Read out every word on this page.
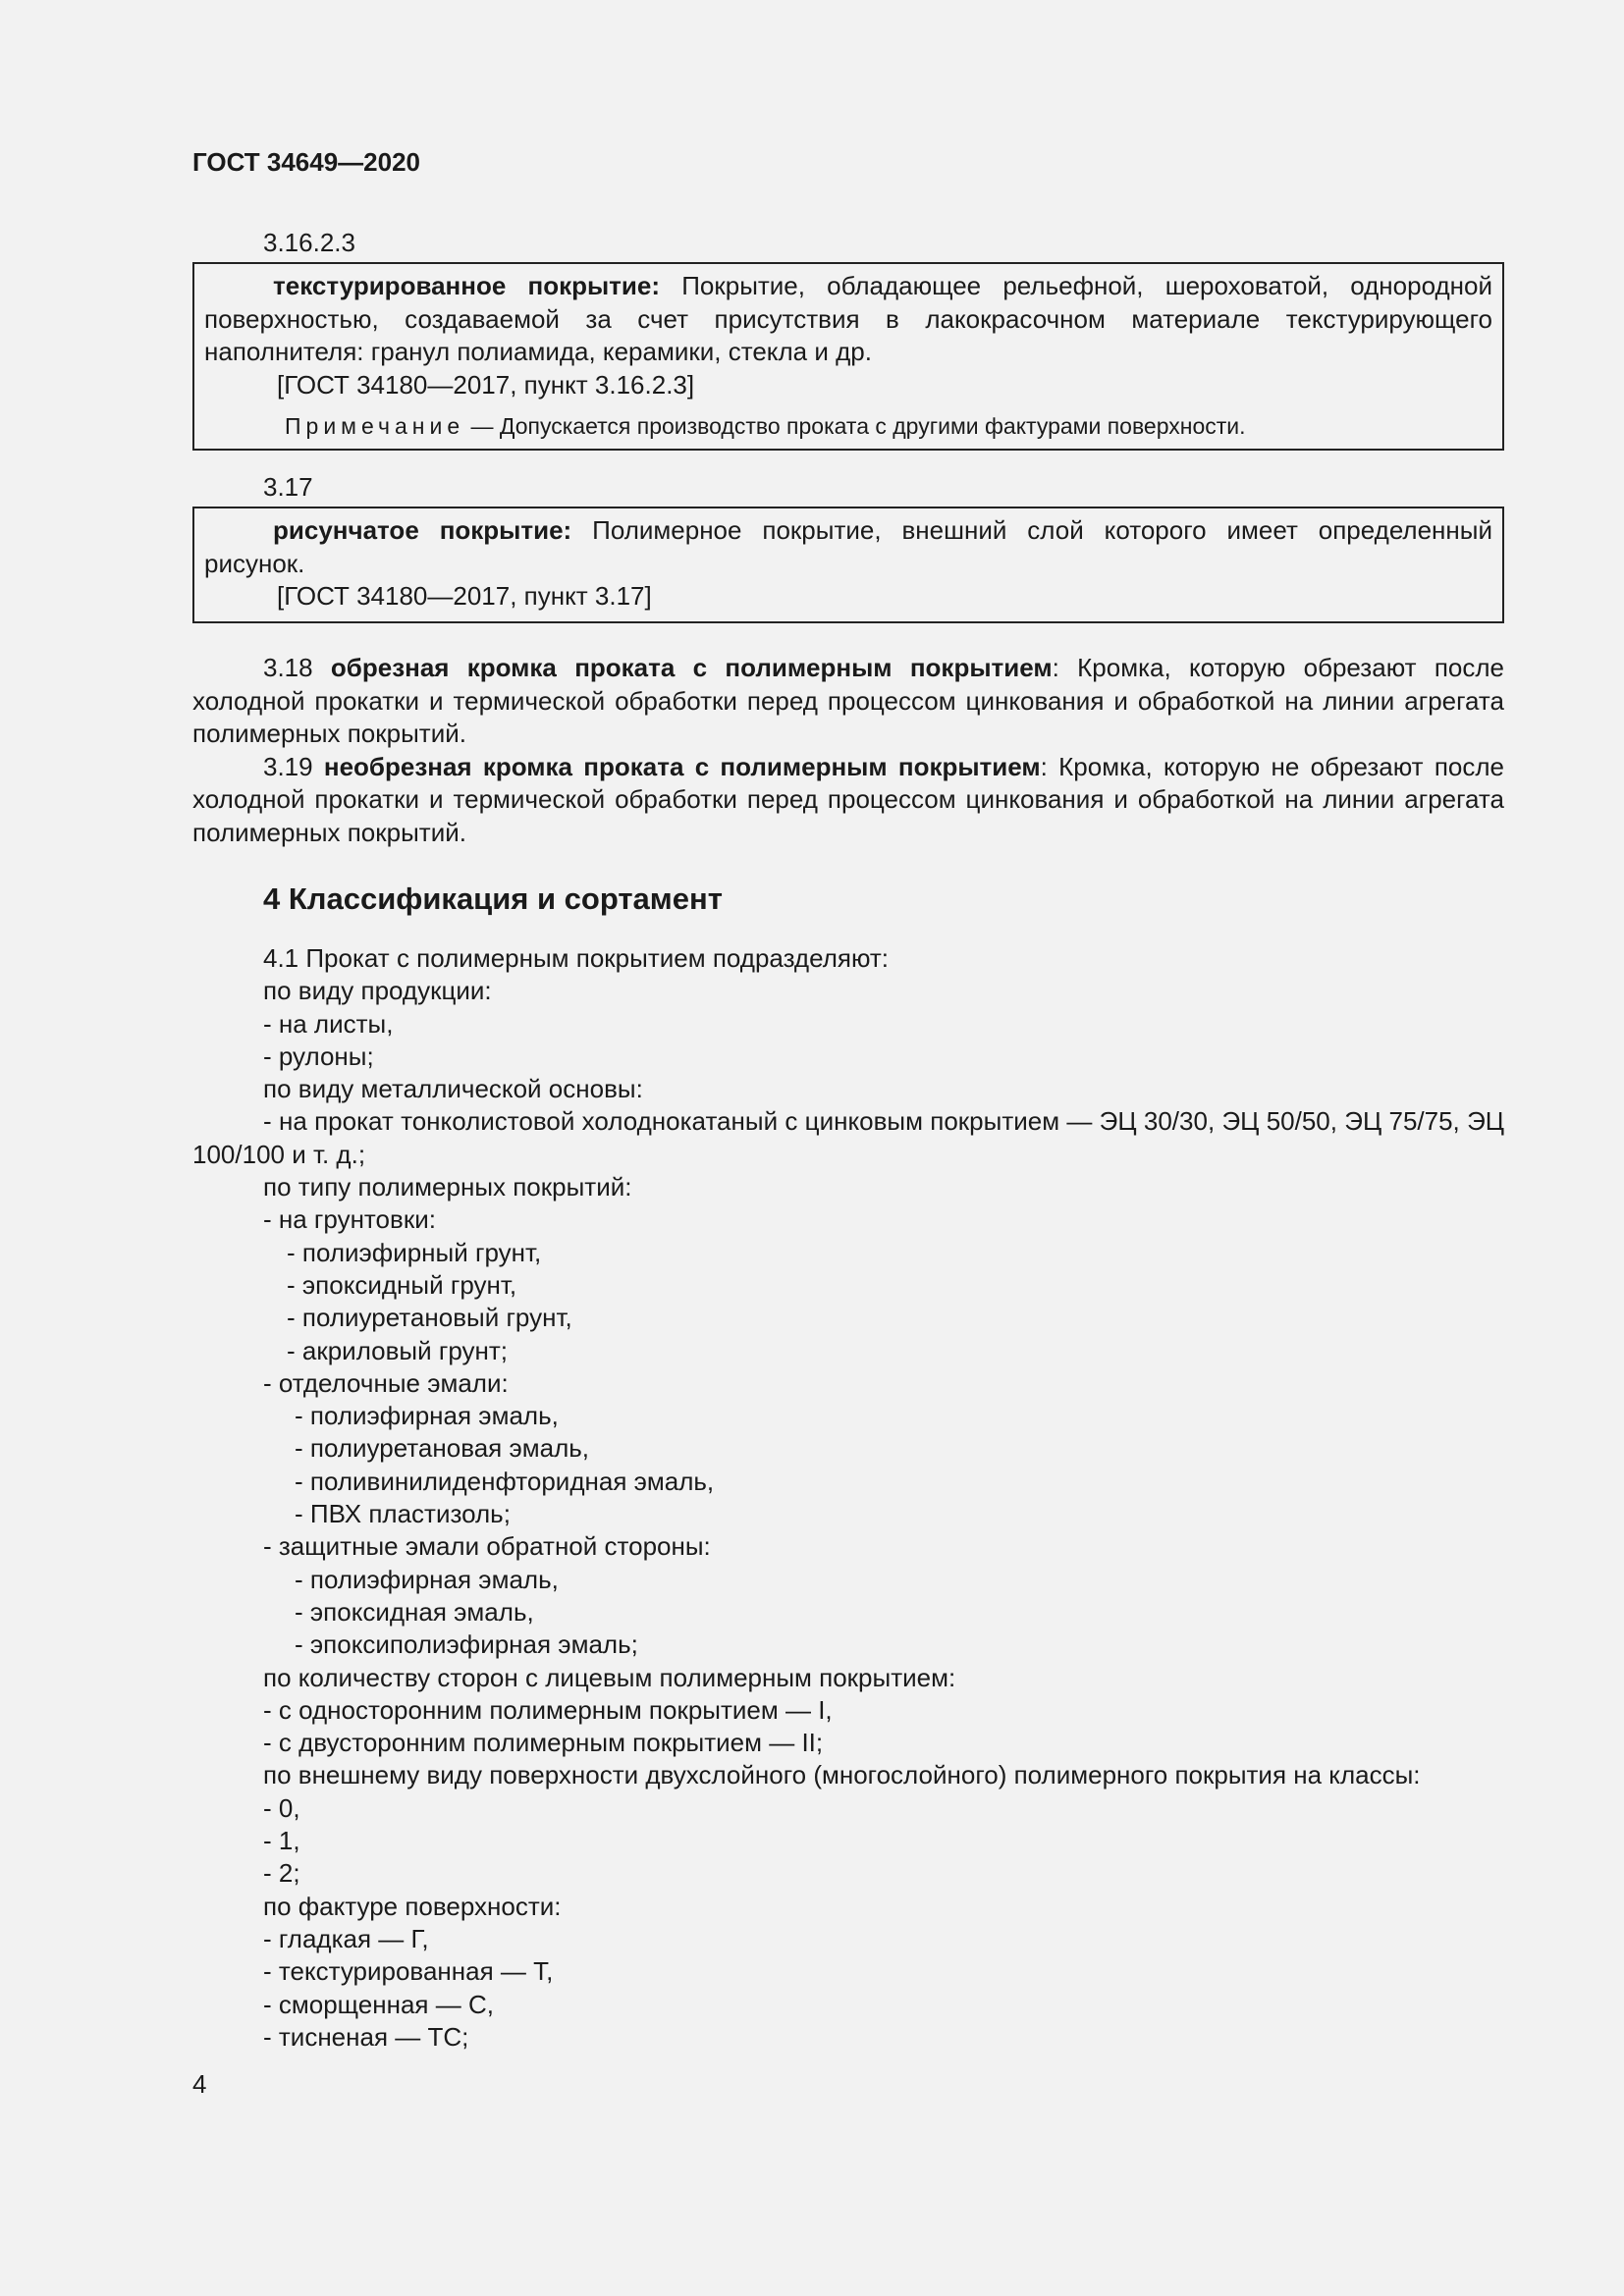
ГОСТ 34649—2020
3.16.2.3

текстурированное покрытие: Покрытие, обладающее рельефной, шероховатой, однородной поверхностью, создаваемой за счет присутствия в лакокрасочном материале текстурирующего наполнителя: гранул полиамида, керамики, стекла и др.

[ГОСТ 34180—2017, пункт 3.16.2.3]

Примечание — Допускается производство проката с другими фактурами поверхности.

3.17

рисунчатое покрытие: Полимерное покрытие, внешний слой которого имеет определенный рисунок.

[ГОСТ 34180—2017, пункт 3.17]

3.18 обрезная кромка проката с полимерным покрытием: Кромка, которую обрезают после холодной прокатки и термической обработки перед процессом цинкования и обработкой на линии агрегата полимерных покрытий.

3.19 необрезная кромка проката с полимерным покрытием: Кромка, которую не обрезают после холодной прокатки и термической обработки перед процессом цинкования и обработкой на линии агрегата полимерных покрытий.

4 Классификация и сортамент
4.1 Прокат с полимерным покрытием подразделяют:
по виду продукции:
- на листы,
- рулоны;
по виду металлической основы:
- на прокат тонколистовой холоднокатаный с цинковым покрытием — ЭЦ 30/30, ЭЦ 50/50, ЭЦ 75/75, ЭЦ 100/100 и т. д.;
по типу полимерных покрытий:
- на грунтовки:
- полиэфирный грунт,
- эпоксидный грунт,
- полиуретановый грунт,
- акриловый грунт;
- отделочные эмали:
- полиэфирная эмаль,
- полиуретановая эмаль,
- поливинилиденфторидная эмаль,
- ПВХ пластизоль;
- защитные эмали обратной стороны:
- полиэфирная эмаль,
- эпоксидная эмаль,
- эпоксиполиэфирная эмаль;
по количеству сторон с лицевым полимерным покрытием:
- с односторонним полимерным покрытием — I,
- с двусторонним полимерным покрытием — II;
по внешнему виду поверхности двухслойного (многослойного) полимерного покрытия на классы:
- 0,
- 1,
- 2;
по фактуре поверхности:
- гладкая — Г,
- текстурированная — Т,
- сморщенная — С,
- тисненая — ТС;
4
